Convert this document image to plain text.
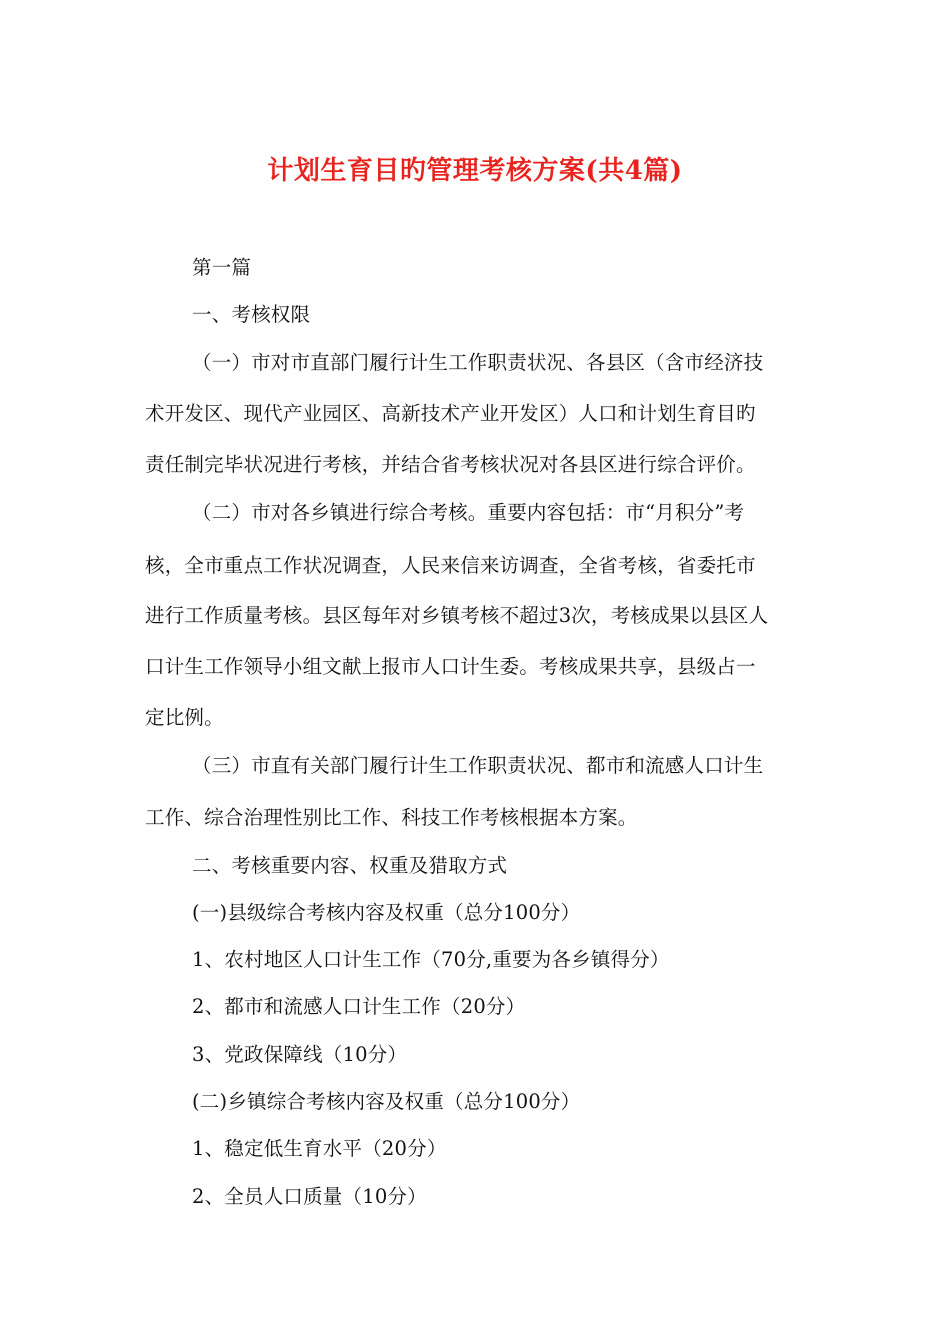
计划生育目旳管理考核方案(共4篇)
第一篇
一、考核权限
（一）市对市直部门履行计生工作职责状况、各县区（含市经济技
术开发区、现代产业园区、高新技术产业开发区）人口和计划生育目旳
责任制完毕状况进行考核，并结合省考核状况对各县区进行综合评价。
（二）市对各乡镇进行综合考核。重要内容包括：市“月积分”考
核，全市重点工作状况调查，人民来信来访调查，全省考核，省委托市
进行工作质量考核。县区每年对乡镇考核不超过3次，考核成果以县区人
口计生工作领导小组文献上报市人口计生委。考核成果共享，县级占一
定比例。
（三）市直有关部门履行计生工作职责状况、都市和流感人口计生
工作、综合治理性别比工作、科技工作考核根据本方案。
二、考核重要内容、权重及猎取方式
(一)县级综合考核内容及权重（总分100分）
1、农村地区人口计生工作（70分,重要为各乡镇得分）
2、都市和流感人口计生工作（20分）
3、党政保障线（10分）
(二)乡镇综合考核内容及权重（总分100分）
1、稳定低生育水平（20分）
2、全员人口质量（10分）
